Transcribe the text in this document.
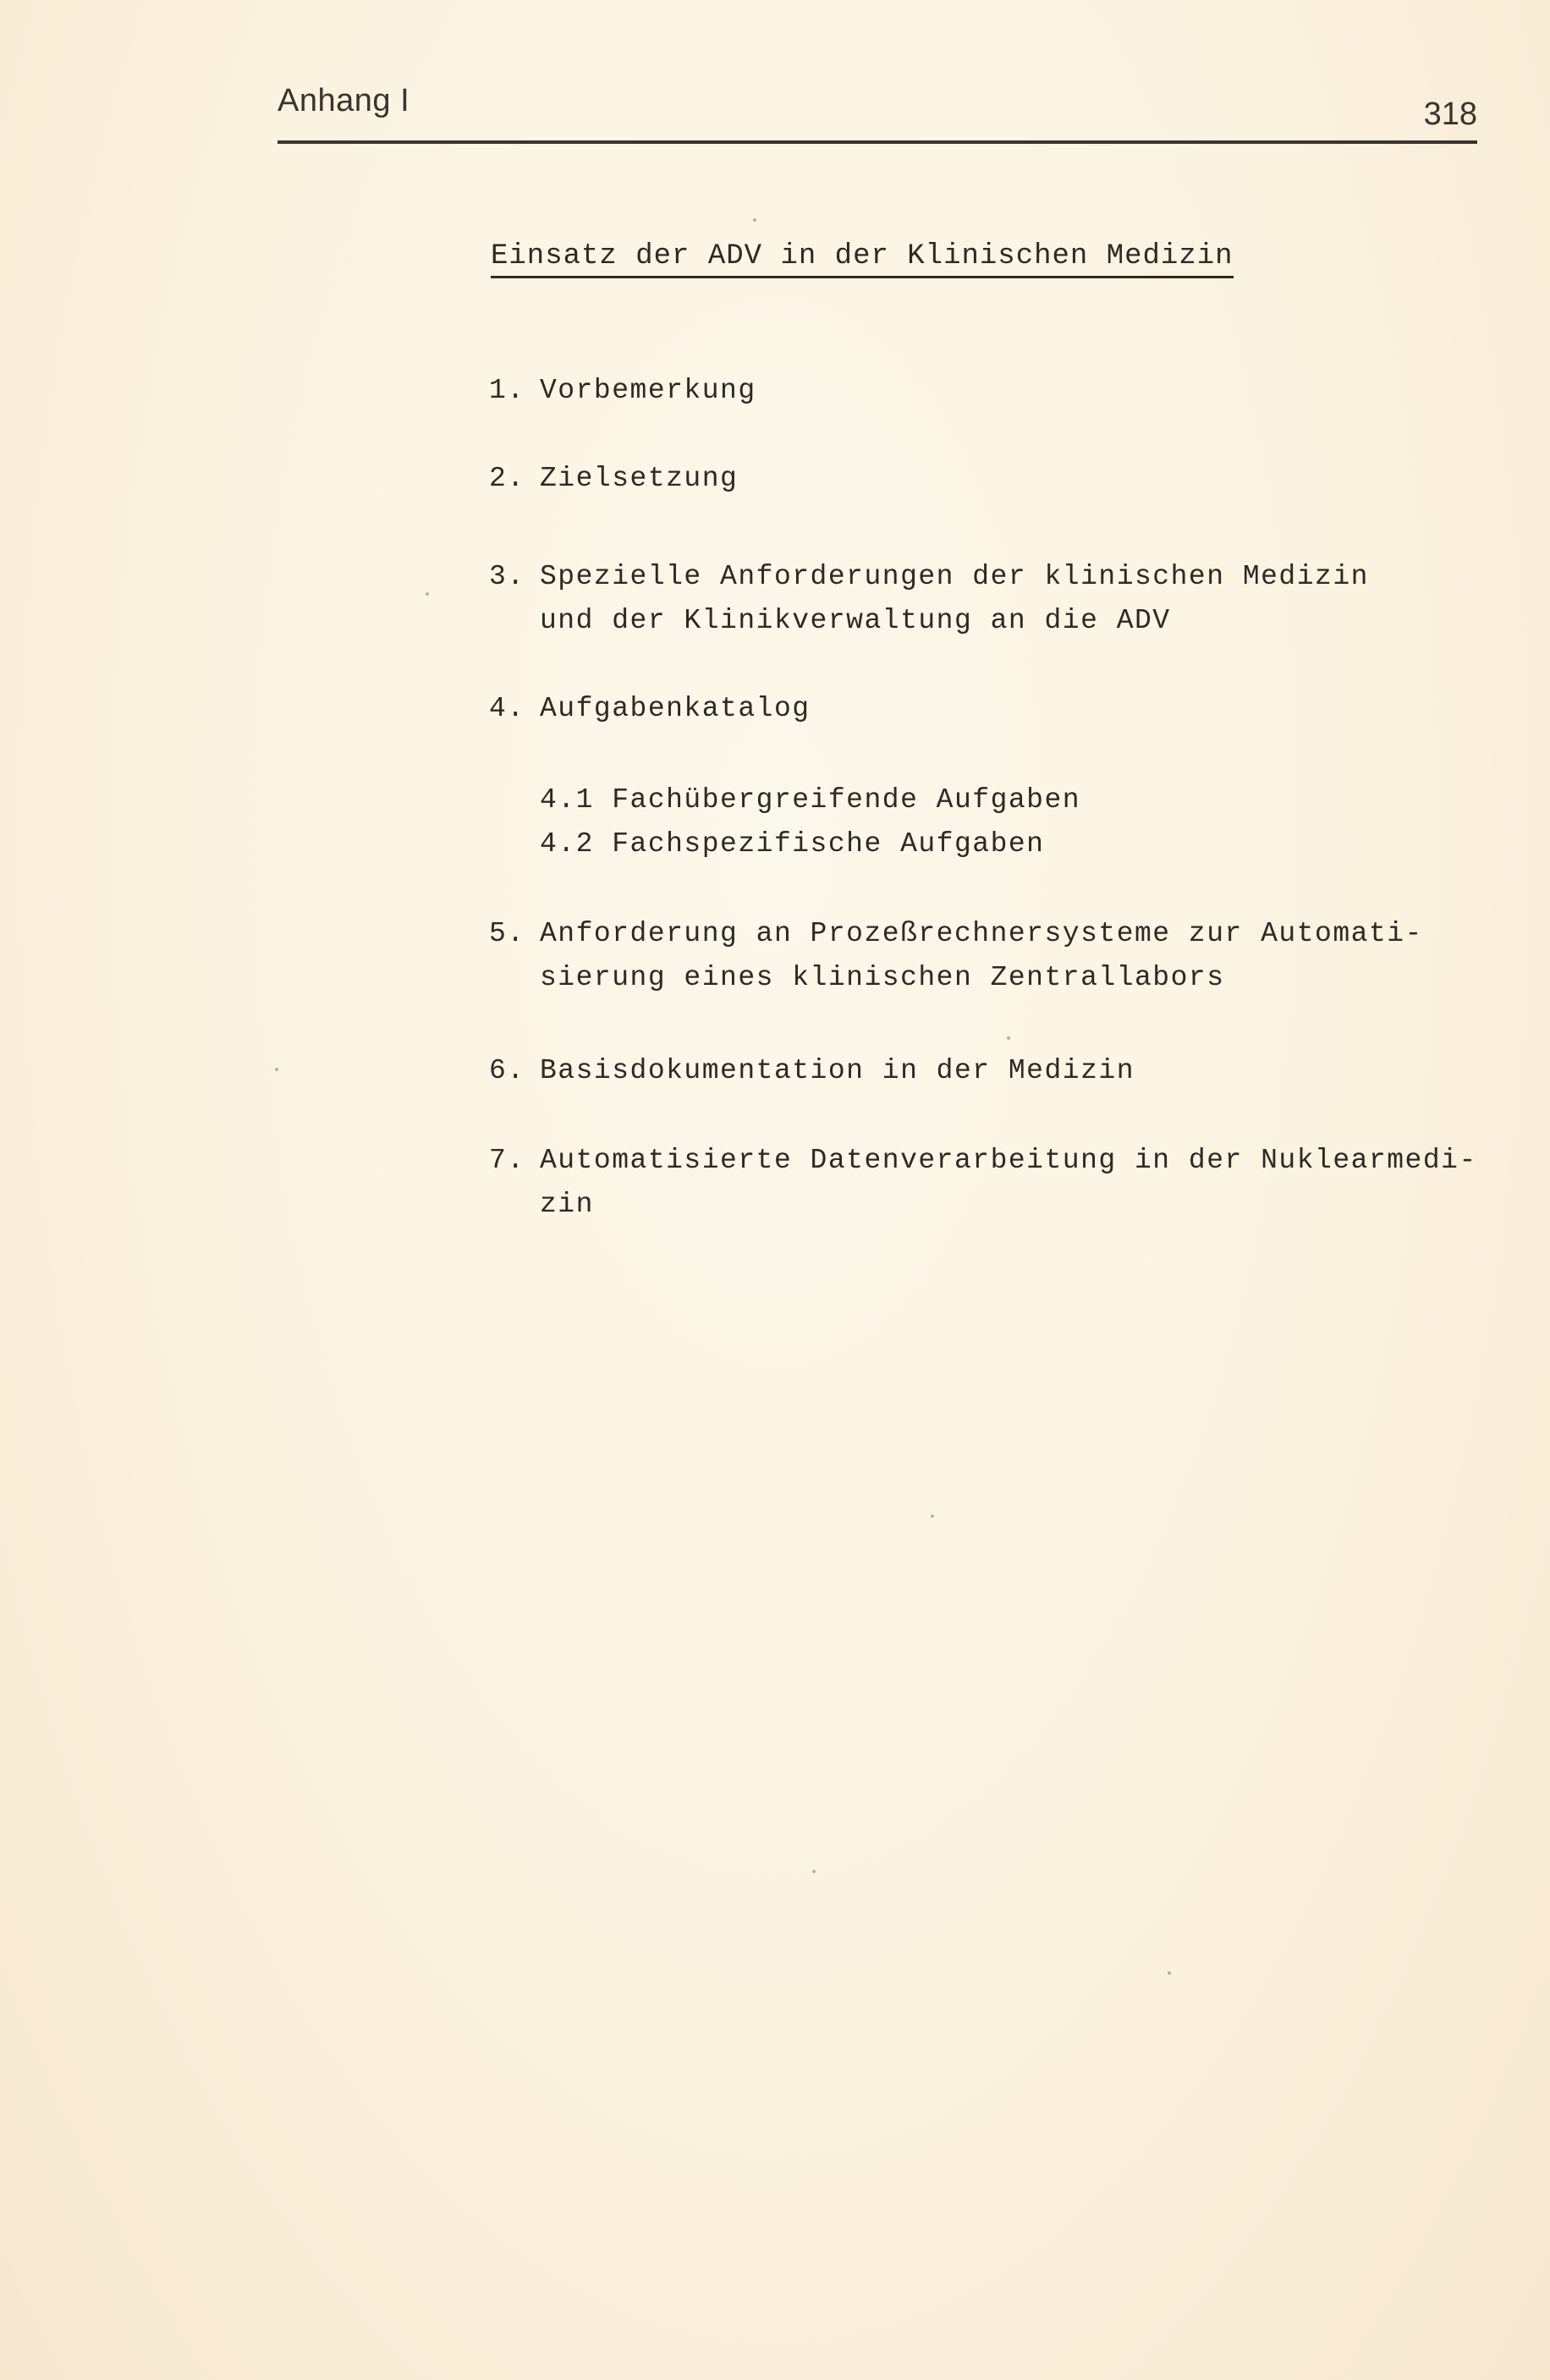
Anhang I	318
Einsatz der ADV in der Klinischen Medizin
1. Vorbemerkung
2. Zielsetzung
3. Spezielle Anforderungen der klinischen Medizin
und der Klinikverwaltung an die ADV
4. Aufgabenkatalog
4.1 Fachübergreifende Aufgaben
4.2 Fachspezifische Aufgaben
5. Anforderung an Prozeßrechnersysteme zur Automati-
sierung eines klinischen Zentrallabors
6. Basisdokumentation in der Medizin
7. Automatisierte Datenverarbeitung in der Nuklearmedi-
zin
